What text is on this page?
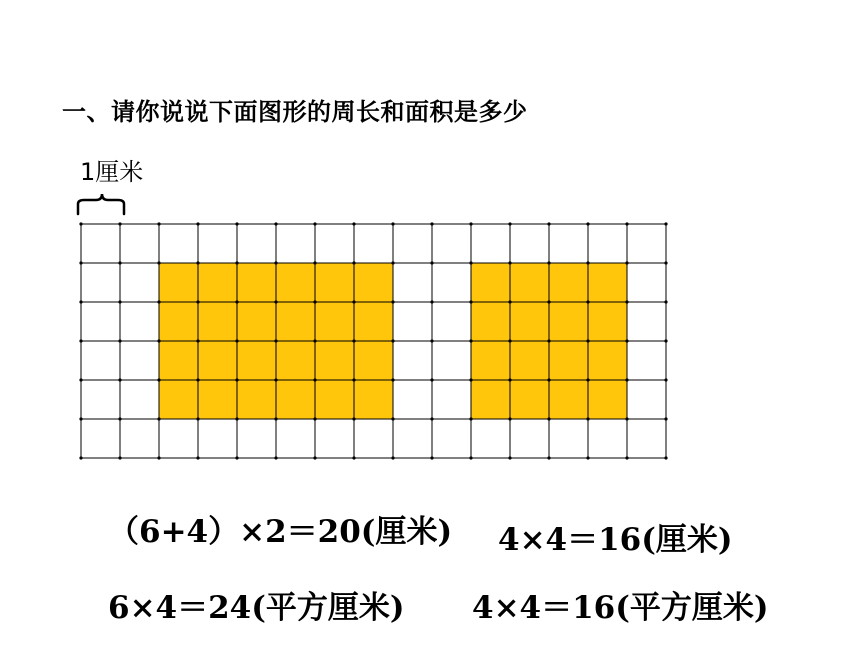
一、请你说说下面图形的周长和面积是多少
1厘米
（6+4）×2＝20(厘米) 4×4＝16(厘米)
6×4＝24(平方厘米) 4×4＝16(平方厘米)
